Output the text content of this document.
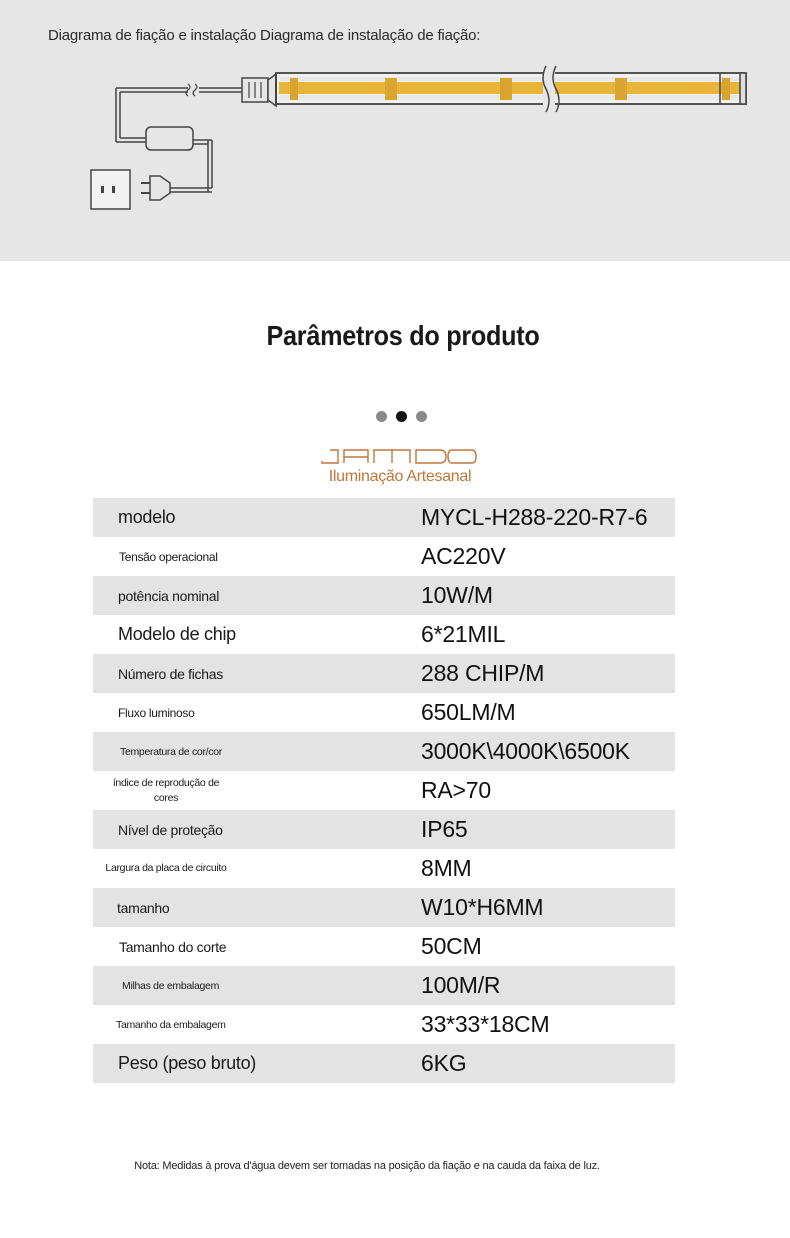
Diagrama de fiação e instalação Diagrama de instalação de fiação:
Parâmetros do produto
Iluminação Artesanal
modelo	MYCL-H288-220-R7-6
Tensão operacional	AC220V
potência nominal	10W/M
Modelo de chip	6*21MIL
Número de fichas	288 CHIP/M
Fluxo luminoso	650LM/M
Temperatura de cor/cor	3000K\4000K\6500K
índice de reprodução de cores	RA>70
Nível de proteção	IP65
Largura da placa de circuito	8MM
tamanho	W10*H6MM
Tamanho do corte	50CM
Milhas de embalagem	100M/R
Tamanho da embalagem	33*33*18CM
Peso (peso bruto)	6KG
Nota: Medidas à prova d'água devem ser tomadas na posição da fiação e na cauda da faixa de luz.
